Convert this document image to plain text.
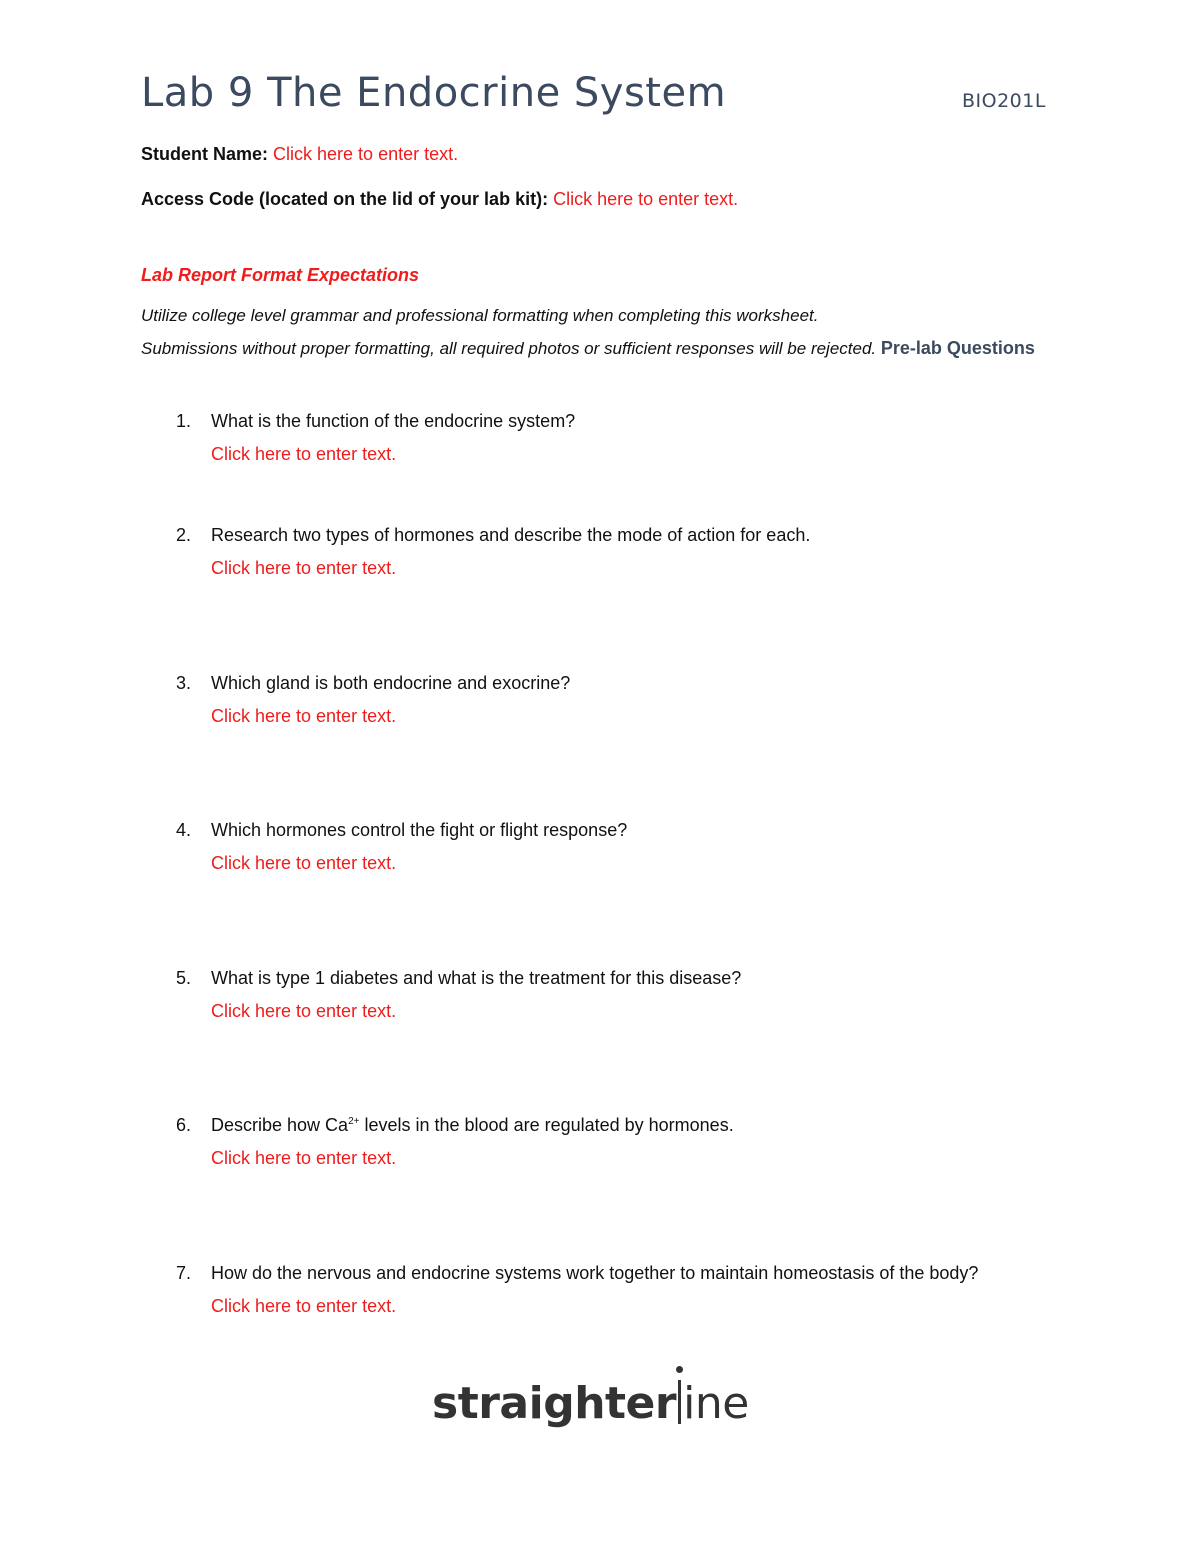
Lab 9 The Endocrine System	BIO201L
Student Name: Click here to enter text.
Access Code (located on the lid of your lab kit): Click here to enter text.
Lab Report Format Expectations
Utilize college level grammar and professional formatting when completing this worksheet.
Submissions without proper formatting, all required photos or sufficient responses will be rejected. Pre-lab Questions
1.	What is the function of the endocrine system?
Click here to enter text.
2.	Research two types of hormones and describe the mode of action for each.
Click here to enter text.
3.	Which gland is both endocrine and exocrine?
Click here to enter text.
4.	Which hormones control the fight or flight response?
Click here to enter text.
5.	What is type 1 diabetes and what is the treatment for this disease?
Click here to enter text.
6.	Describe how $Ca^{2+}$ levels in the blood are regulated by hormones.
Click here to enter text.
7.	How do the nervous and endocrine systems work together to maintain homeostasis of the body?
Click here to enter text.
straighter ine
